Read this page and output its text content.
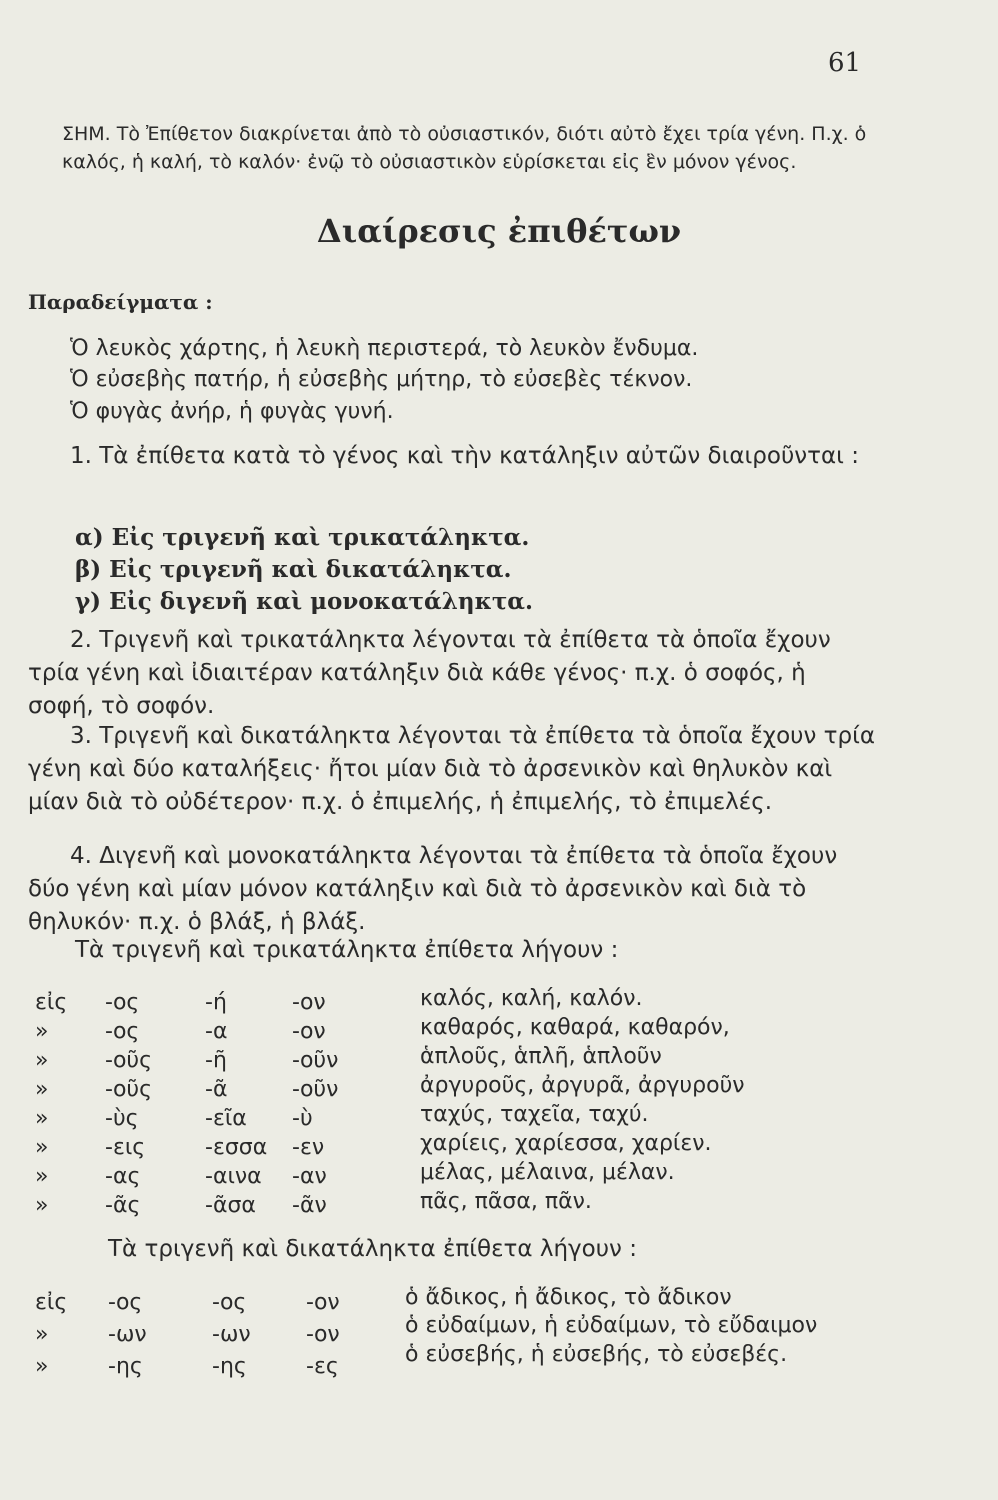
61
ΣΗΜ. Τὸ Ἐπίθετον διακρίνεται ἀπὸ τὸ οὐσιαστικόν, διότι αὐτὸ ἔχει τρία γένη. Π.χ. ὁ καλός, ἡ καλή, τὸ καλόν· ἐνῷ τὸ οὐσιαστικὸν εὑρίσκεται εἰς ἓν μόνον γένος.
Διαίρεσις ἐπιθέτων
Παραδείγματα :
Ὁ λευκὸς χάρτης, ἡ λευκὴ περιστερά, τὸ λευκὸν ἔνδυμα.
Ὁ εὐσεβὴς πατήρ, ἡ εὐσεβὴς μήτηρ, τὸ εὐσεβὲς τέκνον.
Ὁ φυγὰς ἀνήρ, ἡ φυγὰς γυνή.
1. Τὰ ἐπίθετα κατὰ τὸ γένος καὶ τὴν κατάληξιν αὐτῶν διαιροῦνται :
α) Εἰς τριγενῆ καὶ τρικατάληκτα.
β) Εἰς τριγενῆ καὶ δικατάληκτα.
γ) Εἰς διγενῆ καὶ μονοκατάληκτα.
2. Τριγενῆ καὶ τρικατάληκτα λέγονται τὰ ἐπίθετα τὰ ὁποῖα ἔχουν τρία γένη καὶ ἰδιαιτέραν κατάληξιν διὰ κάθε γένος· π.χ. ὁ σοφός, ἡ σοφή, τὸ σοφόν.
3. Τριγενῆ καὶ δικατάληκτα λέγονται τὰ ἐπίθετα τὰ ὁποῖα ἔχουν τρία γένη καὶ δύο καταλήξεις· ἤτοι μίαν διὰ τὸ ἀρσενικὸν καὶ θηλυκὸν καὶ μίαν διὰ τὸ οὐδέτερον· π.χ. ὁ ἐπιμελής, ἡ ἐπιμελής, τὸ ἐπιμελές.
4. Διγενῆ καὶ μονοκατάληκτα λέγονται τὰ ἐπίθετα τὰ ὁποῖα ἔχουν δύο γένη καὶ μίαν μόνον κατάληξιν καὶ διὰ τὸ ἀρσενικὸν καὶ διὰ τὸ θηλυκόν· π.χ. ὁ βλάξ, ἡ βλάξ.
Τὰ τριγενῆ καὶ τρικατάληκτα ἐπίθετα λήγουν :
εἰς	-ος	-ή	-ον	καλός, καλή, καλόν.
»	-ος	-α	-ον	καθαρός, καθαρά, καθαρόν,
»	-οῦς	-ῆ	-οῦν	ἁπλοῦς, ἁπλῆ, ἁπλοῦν
»	-οῦς	-ᾶ	-οῦν	ἀργυροῦς, ἀργυρᾶ, ἀργυροῦν
»	-ὺς	-εῖα	-ὺ	ταχύς, ταχεῖα, ταχύ.
»	-εις	-εσσα	-εν	χαρίεις, χαρίεσσα, χαρίεν.
»	-ας	-αινα	-αν	μέλας, μέλαινα, μέλαν.
»	-ᾶς	-ᾶσα	-ᾶν	πᾶς, πᾶσα, πᾶν.
Τὰ τριγενῆ καὶ δικατάληκτα ἐπίθετα λήγουν :
εἰς	-ος	-ος	-ον	ὁ ἄδικος, ἡ ἄδικος, τὸ ἄδικον
»	-ων	-ων	-ον	ὁ εὐδαίμων, ἡ εὐδαίμων, τὸ εὔδαιμον
»	-ης	-ης	-ες	ὁ εὐσεβής, ἡ εὐσεβής, τὸ εὐσεβές.
